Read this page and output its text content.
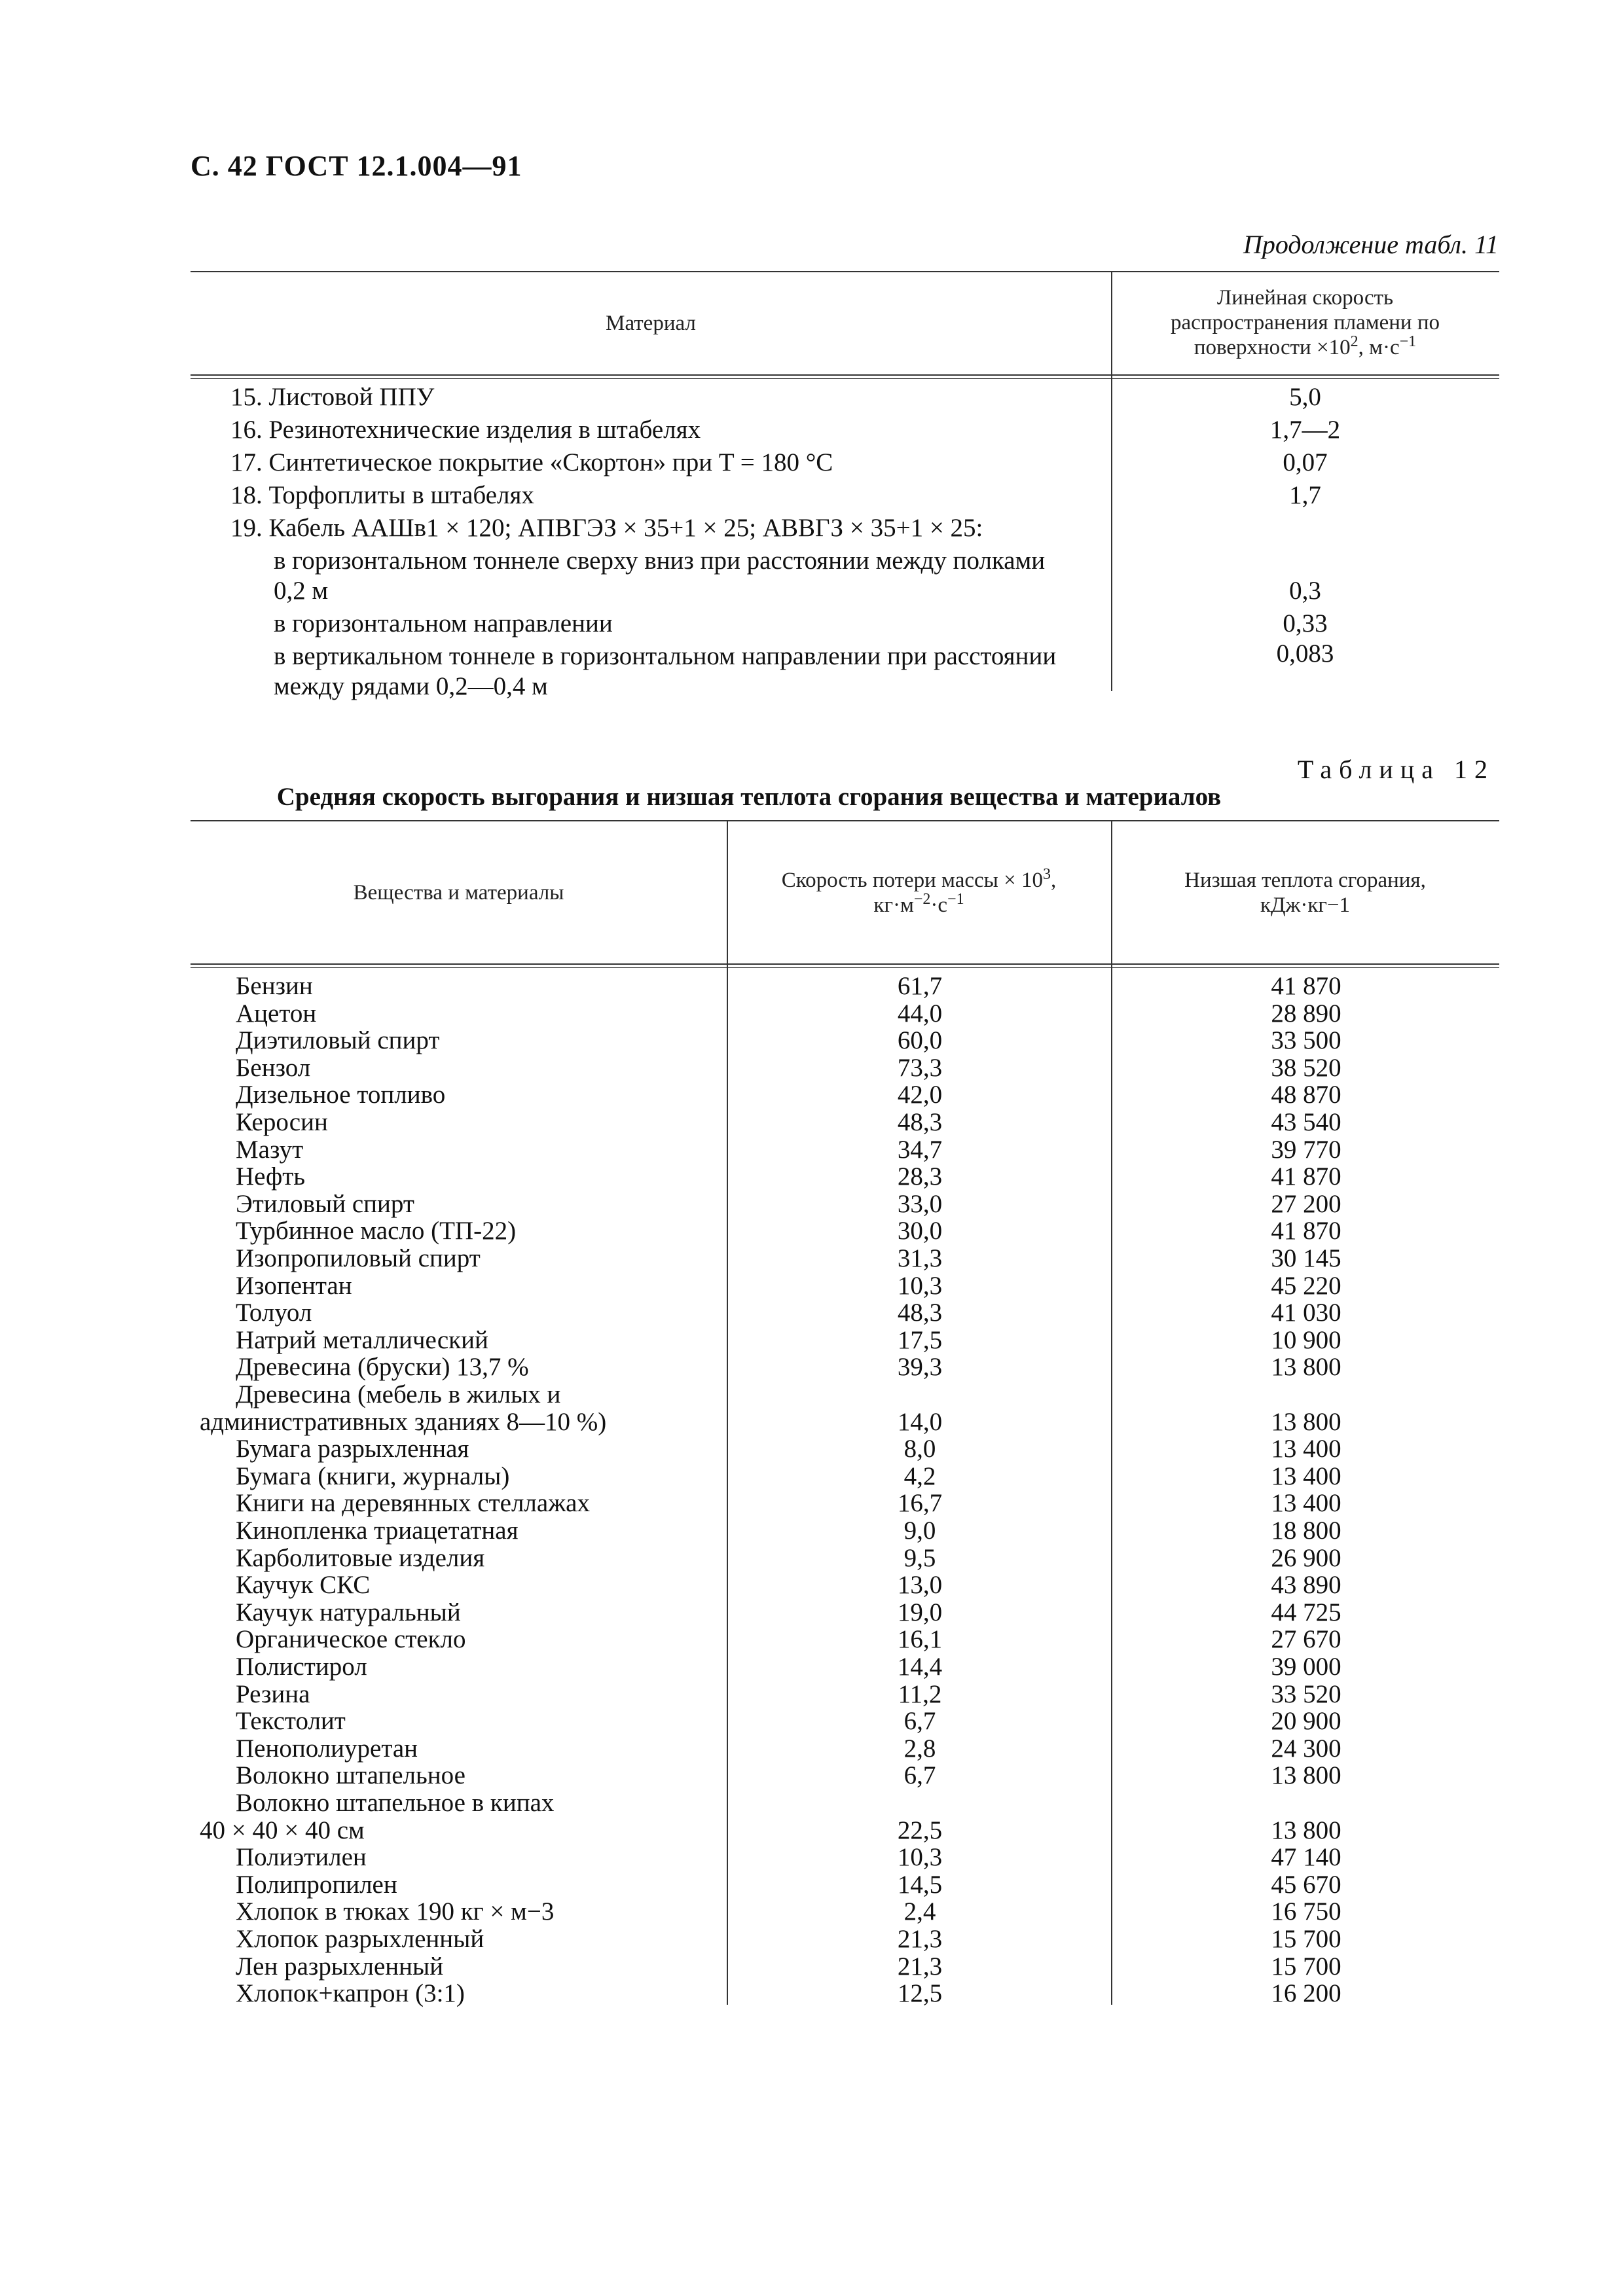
С. 42 ГОСТ 12.1.004—91
Продолжение табл. 11
Материал
Линейная скорость
распространения пламени по
поверхности $\times 10^2$, $м\cdot с^{-1}$
15. Листовой ППУ	5,0
16. Резинотехнические изделия в штабелях	1,7—2
17. Синтетическое покрытие «Скортон» при T = 180 °С	0,07
18. Торфоплиты в штабелях	1,7
19. Кабель ААШв1 × 120; АПВГЭЗ × 35+1 × 25; АВВГЗ × 35+1 × 25:
в горизонтальном тоннеле сверху вниз при расстоянии между полками
0,2 м	0,3
в горизонтальном направлении	0,33
в вертикальном тоннеле в горизонтальном направлении при расстоянии	0,083
между рядами 0,2—0,4 м
Таблица 12
Средняя скорость выгорания и низшая теплота сгорания вещества и материалов
Вещества и материалы
Скорость потери массы × $10^3$,
$кг\cdot м^{-2}\cdot с^{-1}$
Низшая теплота сгорания,
кДж·кг−1
Бензин	61,7	41 870
Ацетон	44,0	28 890
Диэтиловый спирт	60,0	33 500
Бензол	73,3	38 520
Дизельное топливо	42,0	48 870
Керосин	48,3	43 540
Мазут	34,7	39 770
Нефть	28,3	41 870
Этиловый спирт	33,0	27 200
Турбинное масло (ТП-22)	30,0	41 870
Изопропиловый спирт	31,3	30 145
Изопентан	10,3	45 220
Толуол	48,3	41 030
Натрий металлический	17,5	10 900
Древесина (бруски) 13,7 %	39,3	13 800
Древесина (мебель в жилых и
административных зданиях 8—10 %)	14,0	13 800
Бумага разрыхленная	8,0	13 400
Бумага (книги, журналы)	4,2	13 400
Книги на деревянных стеллажах	16,7	13 400
Кинопленка триацетатная	9,0	18 800
Карболитовые изделия	9,5	26 900
Каучук СКС	13,0	43 890
Каучук натуральный	19,0	44 725
Органическое стекло	16,1	27 670
Полистирол	14,4	39 000
Резина	11,2	33 520
Текстолит	6,7	20 900
Пенополиуретан	2,8	24 300
Волокно штапельное	6,7	13 800
Волокно штапельное в кипах
40 × 40 × 40 см	22,5	13 800
Полиэтилен	10,3	47 140
Полипропилен	14,5	45 670
Хлопок в тюках 190 кг × м−3	2,4	16 750
Хлопок разрыхленный	21,3	15 700
Лен разрыхленный	21,3	15 700
Хлопок+капрон (3:1)	12,5	16 200
